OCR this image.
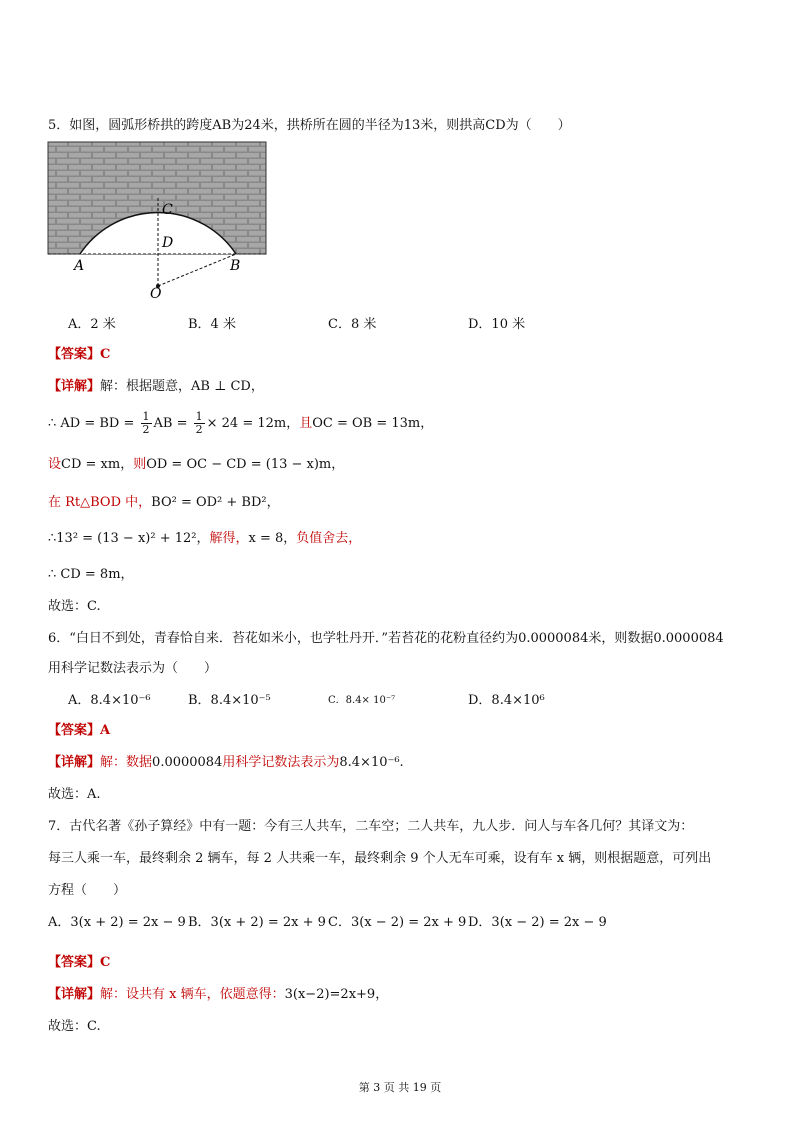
5．如图，圆弧形桥拱的跨度AB为24米，拱桥所在圆的半径为13米，则拱高CD为（　　）
C
D
A	B
O
A．2 米	B．4 米	C．8 米	D．10 米
【答案】C
【详解】解：根据题意，AB ⊥ CD，
∴ AD = BD = $\frac{1}{2}$ AB = $\frac{1}{2} \times 24 = 12m$，且OC = OB = 13m，
设CD = xm，则OD = OC − CD = (13 − x)m，
在 Rt△BOD 中，BO² = OD² + BD²，
∴13² = (13 − x)² + 12²，解得，x = 8，负值舍去，
∴ CD = 8m，
故选：C.
6．“白日不到处，青春恰自来．苔花如米小，也学牡丹开．”若苔花的花粉直径约为0.0000084米，则数据0.0000084
用科学记数法表示为（　　）
A．8.4×10⁻⁶	B．8.4×10⁻⁵	C．8.4× 10⁻⁷	D．8.4×10⁶
【答案】A
【详解】解：数据0.0000084用科学记数法表示为8.4×10⁻⁶.
故选：A.
7．古代名著《孙子算经》中有一题：今有三人共车，二车空；二人共车，九人步．问人与车各几何？其译文为：
每三人乘一车，最终剩余 2 辆车，每 2 人共乘一车，最终剩余 9 个人无车可乘，设有车 x 辆，则根据题意，可列出
方程（　　）
A．3(x + 2) = 2x − 9 B．3(x + 2) = 2x + 9 C．3(x − 2) = 2x + 9 D．3(x − 2) = 2x − 9
【答案】C
【详解】解：设共有 x 辆车，依题意得：3(x−2)=2x+9，
故选：C.
第 3 页 共 19 页
